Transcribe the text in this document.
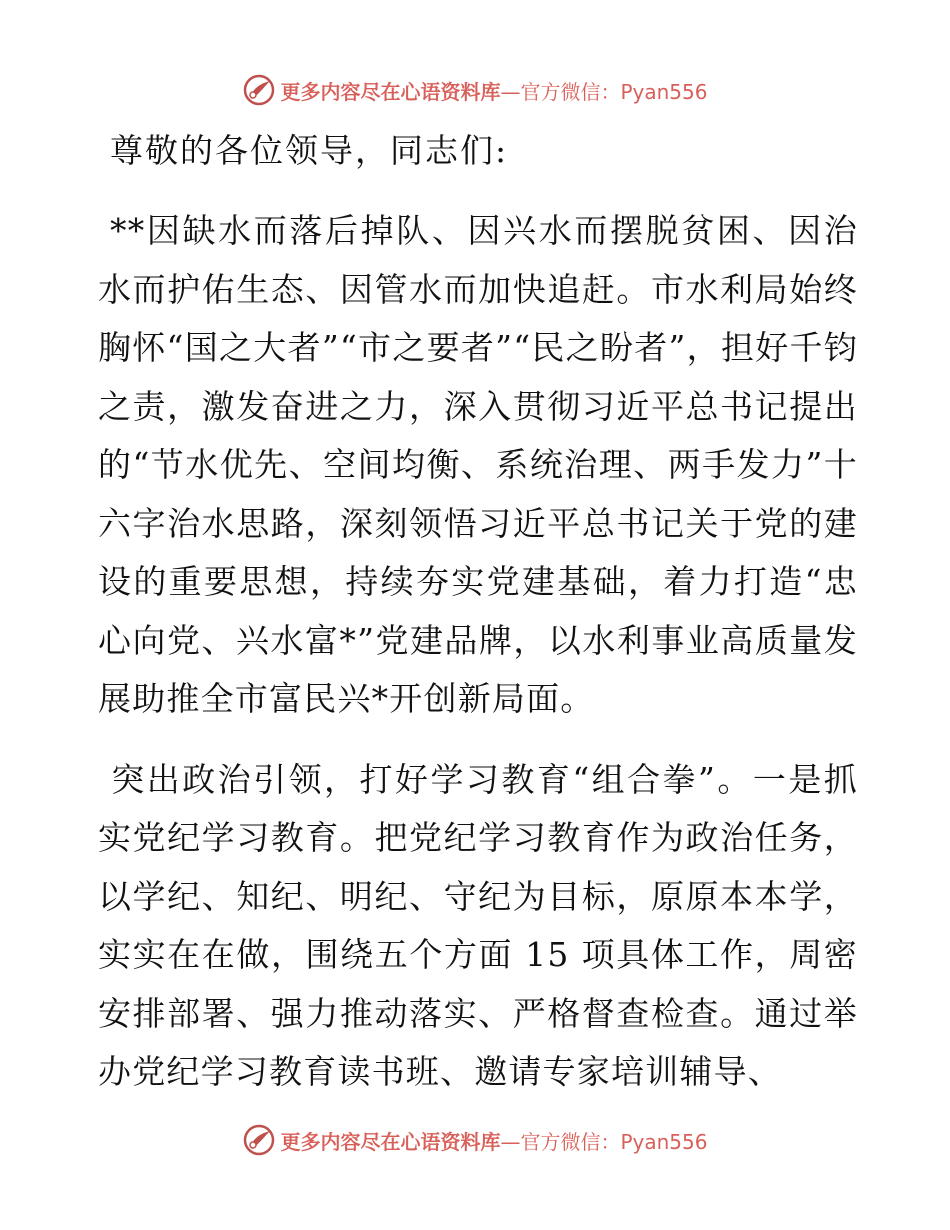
更多内容尽在心语资料库—官方微信：Pyan556
尊敬的各位领导，同志们:

**因缺水而落后掉队、因兴水而摆脱贫困、因治水而护佑生态、因管水而加快追赶。市水利局始终胸怀“国之大者”“市之要者”“民之盼者”，担好千钧之责，激发奋进之力，深入贯彻习近平总书记提出的“节水优先、空间均衡、系统治理、两手发力”十六字治水思路，深刻领悟习近平总书记关于党的建设的重要思想，持续夯实党建基础，着力打造“忠心向党、兴水富*”党建品牌，以水利事业高质量发展助推全市富民兴*开创新局面。

突出政治引领，打好学习教育“组合拳”。一是抓实党纪学习教育。把党纪学习教育作为政治任务，以学纪、知纪、明纪、守纪为目标，原原本本学，实实在在做，围绕五个方面 15 项具体工作，周密安排部署、强力推动落实、严格督查检查。通过举办党纪学习教育读书班、邀请专家培训辅导、

更多内容尽在心语资料库—官方微信：Pyan556
